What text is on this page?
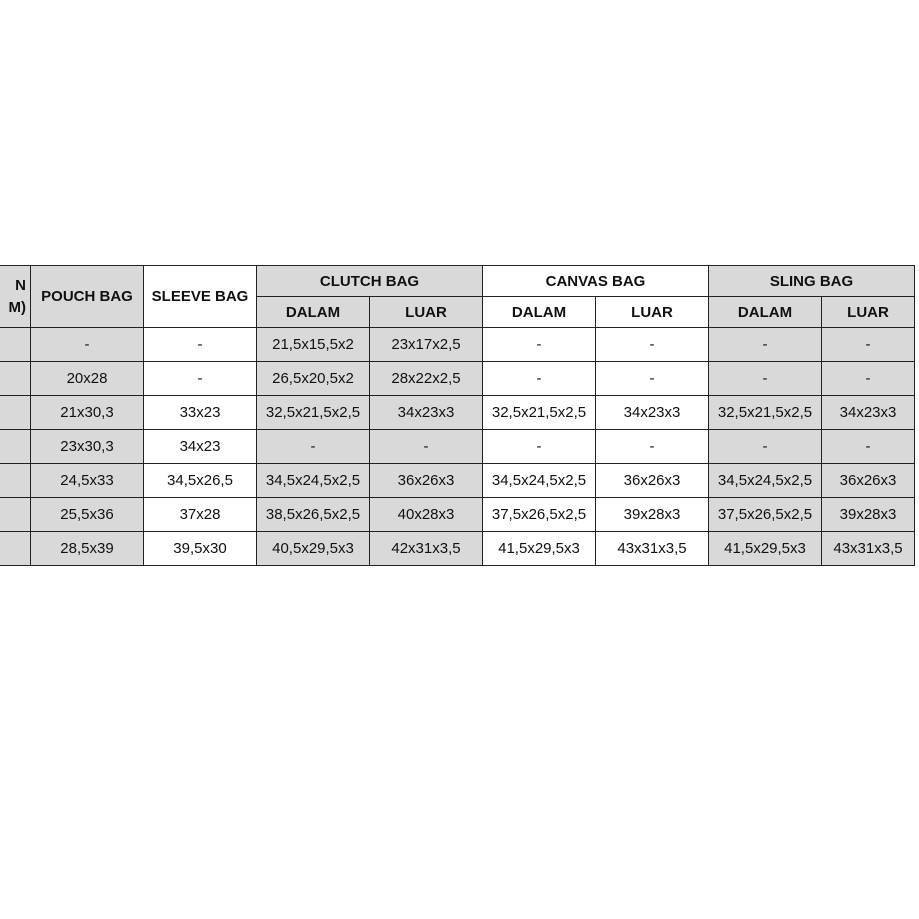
N
M)	POUCH BAG	SLEEVE BAG	CLUTCH BAG		CANVAS BAG		SLING BAG	
			DALAM	LUAR	DALAM	LUAR	DALAM	LUAR
	-	-	21,5x15,5x2	23x17x2,5	-	-	-	-
	20x28	-	26,5x20,5x2	28x22x2,5	-	-	-	-
	21x30,3	33x23	32,5x21,5x2,5	34x23x3	32,5x21,5x2,5	34x23x3	32,5x21,5x2,5	34x23x3
	23x30,3	34x23	-	-	-	-	-	-
	24,5x33	34,5x26,5	34,5x24,5x2,5	36x26x3	34,5x24,5x2,5	36x26x3	34,5x24,5x2,5	36x26x3
	25,5x36	37x28	38,5x26,5x2,5	40x28x3	37,5x26,5x2,5	39x28x3	37,5x26,5x2,5	39x28x3
	28,5x39	39,5x30	40,5x29,5x3	42x31x3,5	41,5x29,5x3	43x31x3,5	41,5x29,5x3	43x31x3,5
